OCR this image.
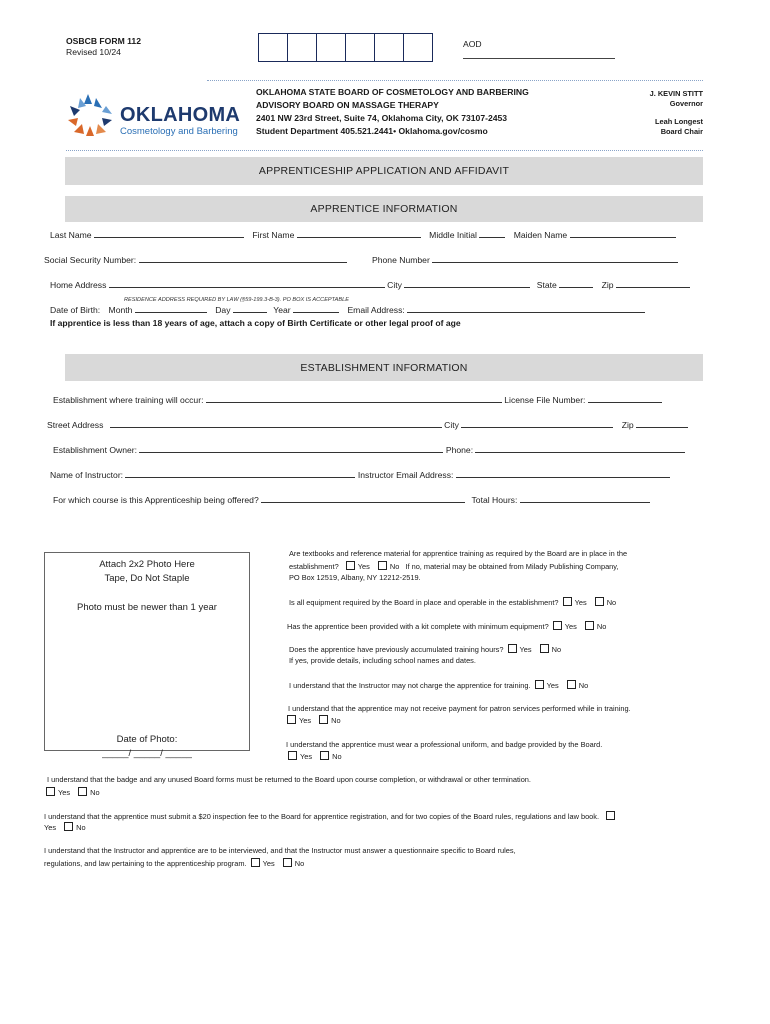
OSBCB FORM 112
Revised 10/24
AOD
OKLAHOMA
Cosmetology and Barbering
OKLAHOMA STATE BOARD OF COSMETOLOGY AND BARBERING
ADVISORY BOARD ON MASSAGE THERAPY
2401 NW 23rd Street, Suite 74, Oklahoma City, OK 73107-2453
Student Department 405.521.2441• Oklahoma.gov/cosmo
J. KEVIN STITT
Governor
Leah Longest
Board Chair
APPRENTICESHIP APPLICATION AND AFFIDAVIT
APPRENTICE INFORMATION
Last Name	First Name	Middle Initial	Maiden Name
Social Security Number:	Phone Number
Home Address	City	State	Zip
RESIDENCE ADDRESS REQUIRED BY LAW (§59-199.3-B-3). PO BOX IS ACCEPTABLE
Date of Birth: Month	Day	Year	Email Address:
If apprentice is less than 18 years of age, attach a copy of Birth Certificate or other legal proof of age
ESTABLISHMENT INFORMATION
Establishment where training will occur:	License File Number:
Street Address	City	Zip
Establishment Owner:	Phone:
Name of Instructor:	Instructor Email Address:
For which course is this Apprenticeship being offered?	Total Hours:
Attach 2x2 Photo Here
Tape, Do Not Staple
Photo must be newer than 1 year
Date of Photo:
_____/ _____/ _____
Are textbooks and reference material for apprentice training as required by the Board are in place in the
establishment?	Yes	No If no, material may be obtained from Milady Publishing Company,
PO Box 12519, Albany, NY 12212-2519.
Is all equipment required by the Board in place and operable in the establishment? Yes	No
Has the apprentice been provided with a kit complete with minimum equipment? Yes	No
Does the apprentice have previously accumulated training hours? Yes	No
If yes, provide details, including school names and dates.
I understand that the Instructor may not charge the apprentice for training. Yes	No
I understand that the apprentice may not receive payment for patron services performed while in training.
Yes	No
I understand the apprentice must wear a professional uniform, and badge provided by the Board.
Yes	No
I understand that the badge and any unused Board forms must be returned to the Board upon course completion, or withdrawal or other termination.
Yes	No
I understand that the apprentice must submit a $20 inspection fee to the Board for apprentice registration, and for two copies of the Board rules, regulations and law book.
Yes	No
I understand that the Instructor and apprentice are to be interviewed, and that the Instructor must answer a questionnaire specific to Board rules,
regulations, and law pertaining to the apprenticeship program. Yes	No
